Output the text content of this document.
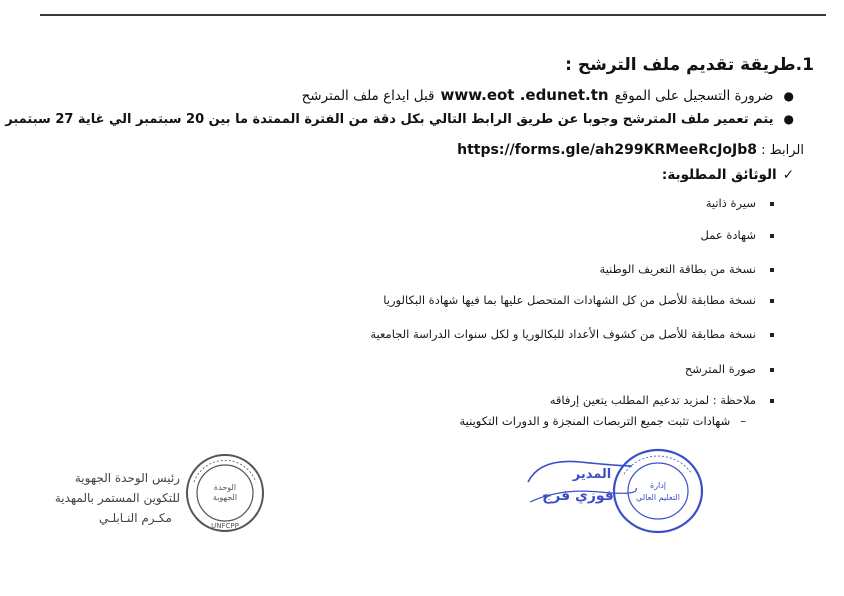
1.طريقة تقديم ملف الترشح :
●ضرورة التسجيل على الموقعwww.eot .edunet.tnقبل ايداع ملف المترشح
●يتم تعمير ملف المترشح وجوبا عن طريق الرابط التالي بكل دقة من الفترة الممتدة ما بين 20 سبتمبر الي غاية 27 سبتمبر
الرابط : https://forms.gle/ah299KRMeeRcJoJb8
✓الوثائق المطلوبة:
سيرة ذاتية
شهادة عمل
نسخة من بطاقة التعريف الوطنية
نسخة مطابقة للأصل من كل الشهادات المتحصل عليها بما فيها شهادة البكالوريا
نسخة مطابقة للأصل من كشوف الأعداد للبكالوريا و لكل سنوات الدراسة الجامعية
صورة المترشح
ملاحظة : لمزيد تدعيم المطلب يتعين إرفاقه
–شهادات تثبت جميع التربصات المنجزة و الدورات التكوينية
رئيس الوحدة الجهوية
للتكوين المستمر بالمهدية
مكـرم النـابلـي
الوحدة
الجهوية
UNFCPP
المدير
فوزي فرج
إدارة
التعليم العالي
